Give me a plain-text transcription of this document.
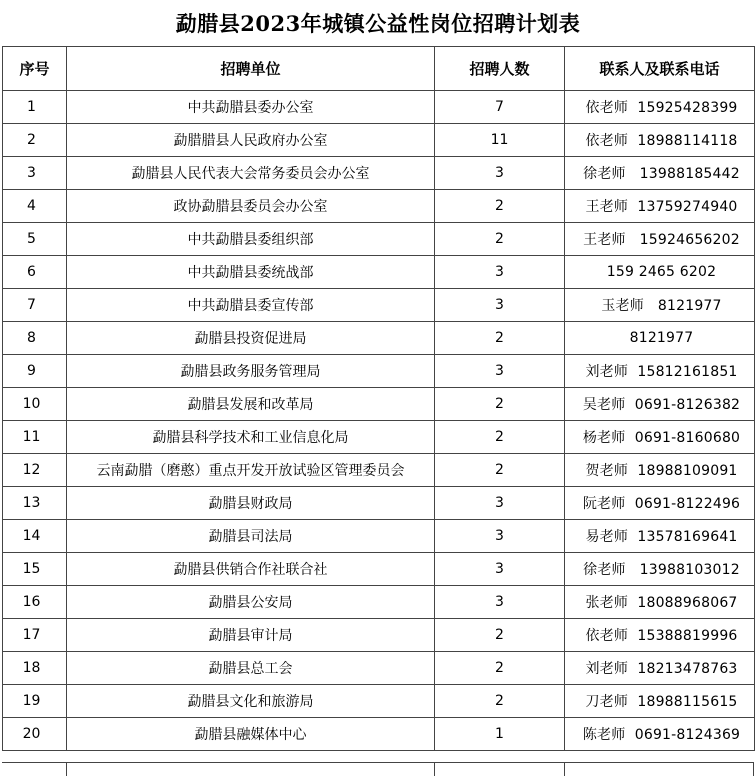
勐腊县2023年城镇公益性岗位招聘计划表
序号	招聘单位	招聘人数	联系人及联系电话
1	中共勐腊县委办公室	7	依老师  15925428399
2	勐腊腊县人民政府办公室	11	依老师  18988114118
3	勐腊县人民代表大会常务委员会办公室	3	徐老师   13988185442
4	政协勐腊县委员会办公室	2	王老师  13759274940
5	中共勐腊县委组织部	2	王老师   15924656202
6	中共勐腊县委统战部	3	159 2465 6202
7	中共勐腊县委宣传部	3	玉老师   8121977
8	勐腊县投资促进局	2	8121977
9	勐腊县政务服务管理局	3	刘老师  15812161851
10	勐腊县发展和改革局	2	吴老师  0691-8126382
11	勐腊县科学技术和工业信息化局	2	杨老师  0691-8160680
12	云南勐腊（磨憨）重点开发开放试验区管理委员会	2	贺老师  18988109091
13	勐腊县财政局	3	阮老师  0691-8122496
14	勐腊县司法局	3	易老师  13578169641
15	勐腊县供销合作社联合社	3	徐老师   13988103012
16	勐腊县公安局	3	张老师  18088968067
17	勐腊县审计局	2	依老师  15388819996
18	勐腊县总工会	2	刘老师  18213478763
19	勐腊县文化和旅游局	2	刀老师  18988115615
20	勐腊县融媒体中心	1	陈老师  0691-8124369
